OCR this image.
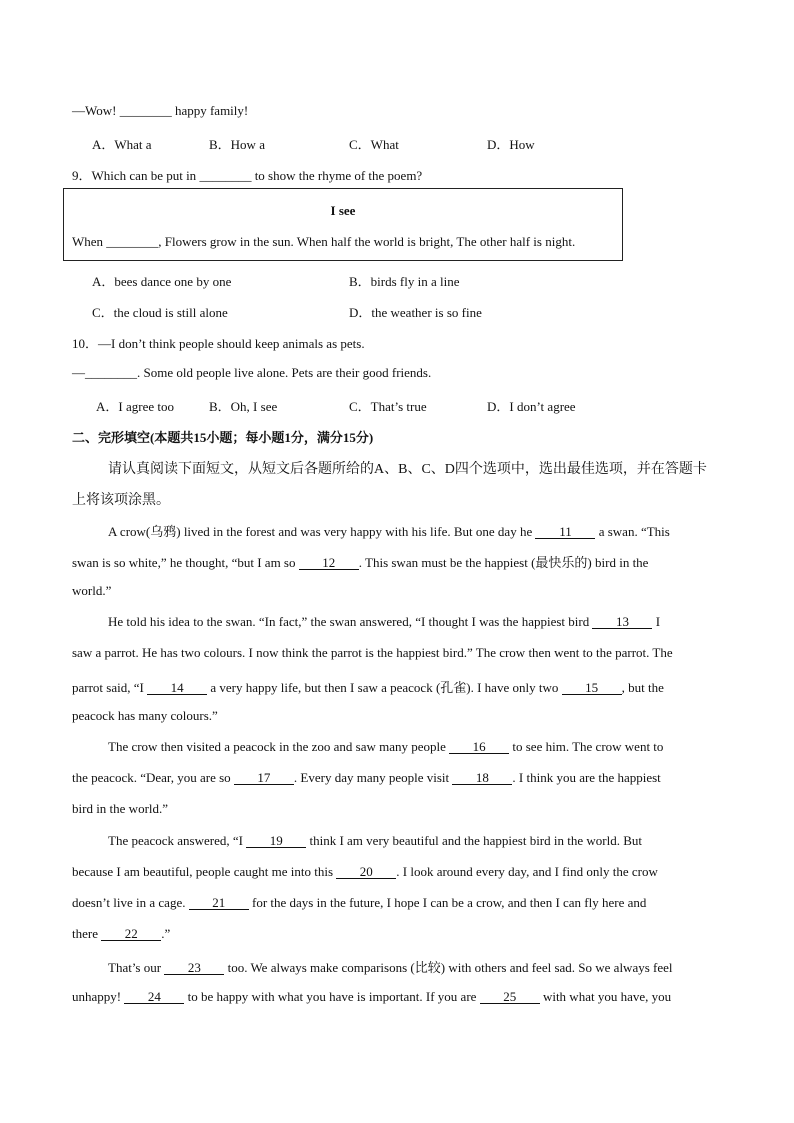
—Wow! ________ happy family!
A．What a	B．How a	C．What	D．How
9．Which can be put in ________ to show the rhyme of the poem?
I see
When ________, Flowers grow in the sun. When half the world is bright, The other half is night.
A．bees dance one by one	B．birds fly in a line
C．the cloud is still alone	D．the weather is so fine
10．—I don’t think people should keep animals as pets.
—________. Some old people live alone. Pets are their good friends.
A．I agree too	B．Oh, I see	C．That’s true	D．I don’t agree
二、完形填空(本题共15小题；每小题1分，满分15分)
请认真阅读下面短文，从短文后各题所给的A、B、C、D四个选项中，选出最佳选项，并在答题卡
上将该项涂黑。
A crow(乌鸦) lived in the forest and was very happy with his life. But one day he 11 a swan. “This
swan is so white,” he thought, “but I am so 12 . This swan must be the happiest (最快乐的) bird in the
world.”
He told his idea to the swan. “In fact,” the swan answered, “I thought I was the happiest bird 13 I
saw a parrot. He has two colours. I now think the parrot is the happiest bird.” The crow then went to the parrot. The
parrot said, “I 14 a very happy life, but then I saw a peacock (孔雀). I have only two 15 , but the
peacock has many colours.”
The crow then visited a peacock in the zoo and saw many people 16 to see him. The crow went to
the peacock. “Dear, you are so 17 . Every day many people visit 18 . I think you are the happiest
bird in the world.”
The peacock answered, “I 19 think I am very beautiful and the happiest bird in the world. But
because I am beautiful, people caught me into this 20 . I look around every day, and I find only the crow
doesn’t live in a cage. 21 for the days in the future, I hope I can be a crow, and then I can fly here and
there 22 .”
That’s our 23 too. We always make comparisons (比较) with others and feel sad. So we always feel
unhappy! 24 to be happy with what you have is important. If you are 25 with what you have, you
